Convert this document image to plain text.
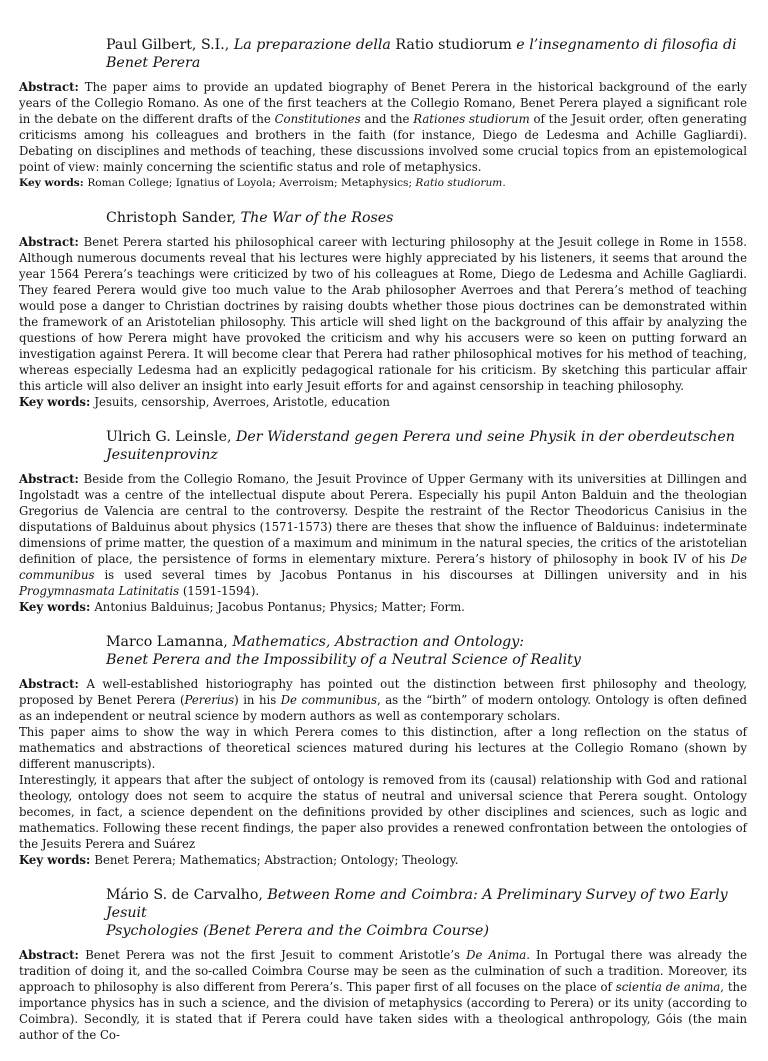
Paul Gilbert, S.I., La preparazione della Ratio studiorum e l’insegnamento di filosofia di Benet Perera

Abstract: The paper aims to provide an updated biography of Benet Perera in the historical background of the early years of the Collegio Romano. As one of the first teachers at the Collegio Romano, Benet Perera played a significant role in the debate on the different drafts of the Constitutiones and the Rationes studiorum of the Jesuit order, often generating criticisms among his colleagues and brothers in the faith (for instance, Diego de Ledesma and Achille Gagliardi). Debating on disciplines and methods of teaching, these discussions involved some crucial topics from an epistemological point of view: mainly concerning the scientific status and role of metaphysics.

Key words: Roman College; Ignatius of Loyola; Averroism; Metaphysics; Ratio studiorum.

Christoph Sander, The War of the Roses

Abstract: Benet Perera started his philosophical career with lecturing philosophy at the Jesuit college in Rome in 1558. Although numerous documents reveal that his lectures were highly appreciated by his listeners, it seems that around the year 1564 Perera’s teachings were criticized by two of his colleagues at Rome, Diego de Ledesma and Achille Gagliardi. They feared Perera would give too much value to the Arab philosopher Averroes and that Perera’s method of teaching would pose a danger to Christian doctrines by raising doubts whether those pious doctrines can be demonstrated within the framework of an Aristotelian philosophy. This article will shed light on the background of this affair by analyzing the questions of how Perera might have provoked the criticism and why his accusers were so keen on putting forward an investigation against Perera. It will become clear that Perera had rather philosophical motives for his method of teaching, whereas especially Ledesma had an explicitly pedagogical rationale for his criticism. By sketching this particular affair this article will also deliver an insight into early Jesuit efforts for and against censorship in teaching philosophy.

Key words: Jesuits, censorship, Averroes, Aristotle, education

Ulrich G. Leinsle, Der Widerstand gegen Perera und seine Physik in der oberdeutschen Jesuitenprovinz

Abstract: Beside from the Collegio Romano, the Jesuit Province of Upper Germany with its universities at Dillingen and Ingolstadt was a centre of the intellectual dispute about Perera. Especially his pupil Anton Balduin and the theologian Gregorius de Valencia are central to the controversy. Despite the restraint of the Rector Theodoricus Canisius in the disputations of Balduinus about physics (1571-1573) there are theses that show the influence of Balduinus: indeterminate dimensions of prime matter, the question of a maximum and minimum in the natural species, the critics of the aristotelian definition of place, the persistence of forms in elementary mixture. Perera’s history of philosophy in book IV of his De communibus is used several times by Jacobus Pontanus in his discourses at Dillingen university and in his Progymnasmata Latinitatis (1591-1594).

Key words: Antonius Balduinus; Jacobus Pontanus; Physics; Matter; Form.

Marco Lamanna, Mathematics, Abstraction and Ontology:
Benet Perera and the Impossibility of a Neutral Science of Reality

Abstract: A well-established historiography has pointed out the distinction between first philosophy and theology, proposed by Benet Perera (Pererius) in his De communibus, as the “birth” of modern ontology. Ontology is often defined as an independent or neutral science by modern authors as well as contemporary scholars.

This paper aims to show the way in which Perera comes to this distinction, after a long reflection on the status of mathematics and abstractions of theoretical sciences matured during his lectures at the Collegio Romano (shown by different manuscripts).

Interestingly, it appears that after the subject of ontology is removed from its (causal) relationship with God and rational theology, ontology does not seem to acquire the status of neutral and universal science that Perera sought. Ontology becomes, in fact, a science dependent on the definitions provided by other disciplines and sciences, such as logic and mathematics. Following these recent findings, the paper also provides a renewed confrontation between the ontologies of the Jesuits Perera and Suárez

Key words: Benet Perera; Mathematics; Abstraction; Ontology; Theology.

Mário S. de Carvalho, Between Rome and Coimbra: A Preliminary Survey of two Early Jesuit
Psychologies (Benet Perera and the Coimbra Course)

Abstract: Benet Perera was not the first Jesuit to comment Aristotle’s De Anima. In Portugal there was already the tradition of doing it, and the so-called Coimbra Course may be seen as the culmination of such a tradition. Moreover, its approach to philosophy is also different from Perera’s. This paper first of all focuses on the place of scientia de anima, the importance physics has in such a science, and the division of metaphysics (according to Perera) or its unity (according to Coimbra). Secondly, it is stated that if Perera could have taken sides with a theological anthropology, Góis (the main author of the Co-
